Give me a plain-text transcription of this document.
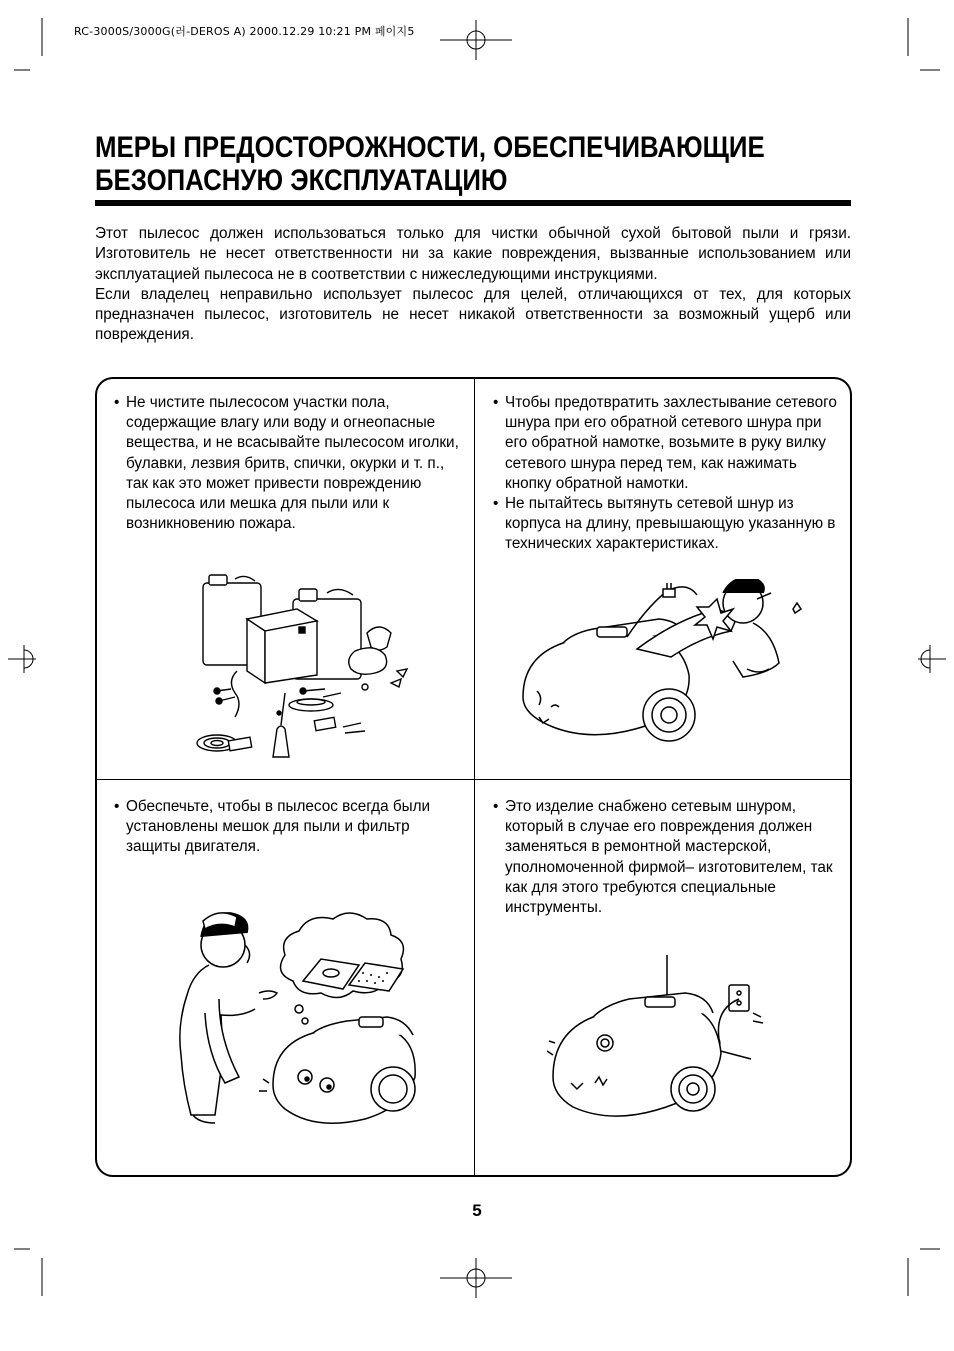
RC-3000S/3000G(러-DEROS A) 2000.12.29 10:21 PM 페이지5
МЕРЫ ПРЕДОСТОРОЖНОСТИ, ОБЕСПЕЧИВАЮЩИЕ
БЕЗОПАСНУЮ ЭКСПЛУАТАЦИЮ

Этот пылесос должен использоваться только для чистки обычной сухой бытовой пыли и грязи. Изготовитель не несет ответственности ни за какие повреждения, вызванные использованием или эксплуатацией пылесоса не в соответствии с нижеследующими инструкциями.

Если владелец неправильно использует пылесос для целей, отличающихся от тех, для которых предназначен пылесос, изготовитель не несет никакой ответственности за возможный ущерб или повреждения.

• Не чистите пылесосом участки пола, содержащие влагу или воду и огнеопасные вещества, и не всасывайте пылесосом иголки, булавки, лезвия бритв, спички, окурки и т. п., так как это может привести повреждению пылесоса или мешка для пыли или к возникновению пожара.
• Чтобы предотвратить захлестывание сетевого шнура при его обратной сетевого шнура при его обратной намотке, возьмите в руку вилку сетевого шнура перед тем, как нажимать кнопку обратной намотки.
• Не пытайтесь вытянуть сетевой шнур из корпуса на длину, превышающую указанную в технических характеристиках.
• Обеспечьте, чтобы в пылесос всегда были установлены мешок для пыли и фильтр защиты двигателя.
• Это изделие снабжено сетевым шнуром, который в случае его повреждения должен заменяться в ремонтной мастерской, уполномоченной фирмой– изготовителем, так как для этого требуются специальные инструменты.
5
